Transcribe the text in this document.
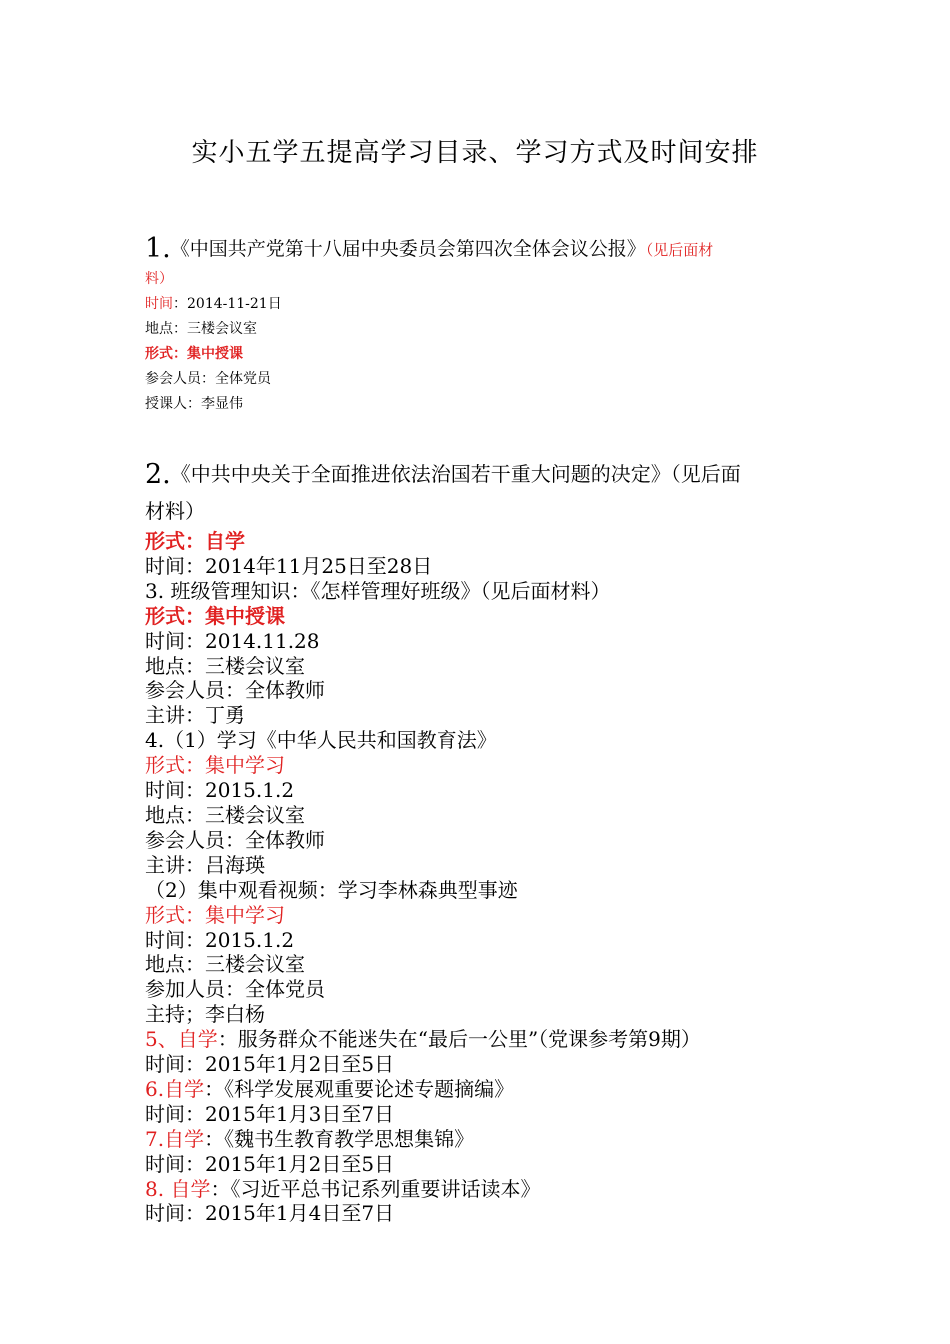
实小五学五提高学习目录、学习方式及时间安排
1.《中国共产党第十八届中央委员会第四次全体会议公报》（见后面材
料）
时间：2014-11-21日
地点：三楼会议室
形式：集中授课
参会人员：全体党员
授课人：李显伟
2.《中共中央关于全面推进依法治国若干重大问题的决定》（见后面
材料）
形式：自学
时间：2014年11月25日至28日
3. 班级管理知识：《怎样管理好班级》（见后面材料）
形式：集中授课
时间：2014.11.28
地点：三楼会议室
参会人员：全体教师
主讲：丁勇
4.（1）学习《中华人民共和国教育法》
形式：集中学习
时间：2015.1.2
地点：三楼会议室
参会人员：全体教师
主讲：吕海瑛
（2）集中观看视频：学习李林森典型事迹
形式：集中学习
时间：2015.1.2
地点：三楼会议室
参加人员：全体党员
主持；李白杨
5、自学：服务群众不能迷失在“最后一公里”（党课参考第9期）
时间：2015年1月2日至5日
6.自学：《科学发展观重要论述专题摘编》
时间：2015年1月3日至7日
7.自学：《魏书生教育教学思想集锦》
时间：2015年1月2日至5日
8. 自学：《习近平总书记系列重要讲话读本》
时间：2015年1月4日至7日
